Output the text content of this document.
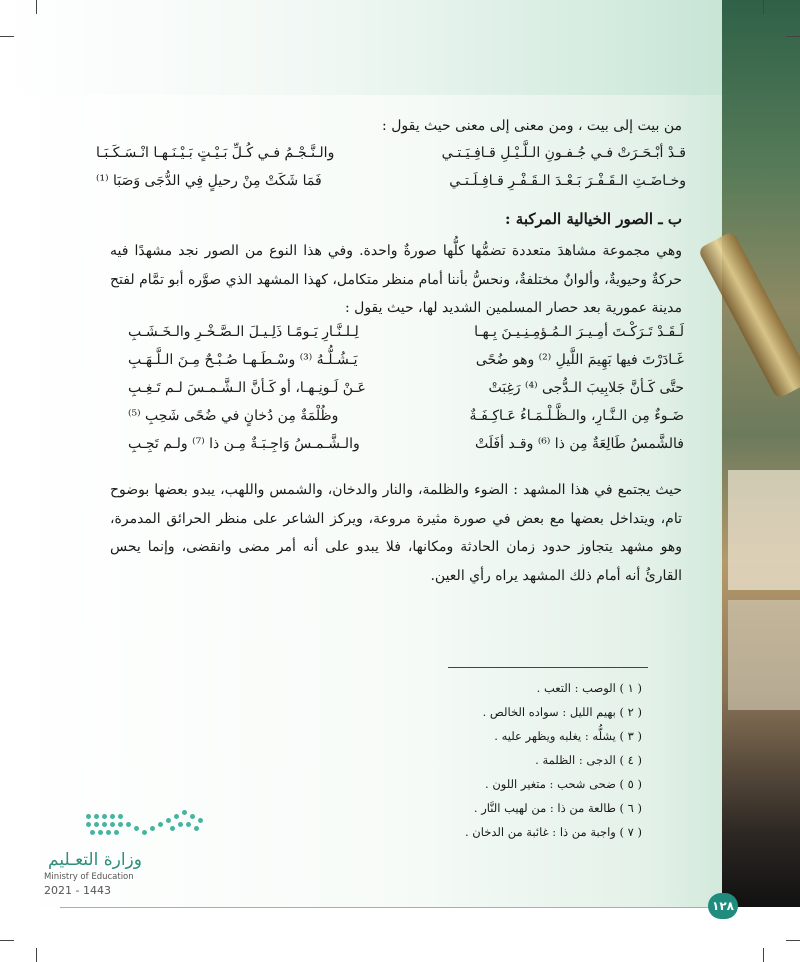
من بيت إلى بيت ، ومن معنى إلى معنى حيث يقول :
قـدْ أبْـحَـرَتْ فـي جُـفـونِ الـلَّـيْـلِ قـافِـيَـتـي
والـنَّـجْـمُ فـي كُـلِّ بَـيْـتٍ بَـيْـنَـهـا انْـسَـكَـبَـا
وخـاضَـتِ الـقَـفْـرَ بَـعْـدَ الـقَـفْـرِ قـافِـلَـتـي
فَمَا شَكَتْ مِنْ رحيلٍ فِي الدُّجَى وَصَبَا ⁽¹⁾
ب ـ الصور الخيالية المركبة :
وهي مجموعة مشاهدَ متعددة تضمُّها كلُّها صورةٌ واحدة. وفي هذا النوع من الصور نجد مشهدًا فيه حركةٌ وحيويةٌ، وألوانٌ مختلفةٌ، ونحسُّ بأننا أمام منظر متكامل، كهذا المشهد الذي صوَّره أبو تمَّام لفتح مدينة عمورية بعد حصار المسلمين الشديد لها، حيث يقول :
لَـقَـدْ تَـرَكْـتَ أمِـيـرَ الـمُـؤمِـنِـيـنَ بِـهـا
لِـلـنَّـارِ يَـومًـا ذَلِـيـلَ الـصَّـخْـرِ والـخَـشَـبِ
غَـادَرْتَ فيها بَهِيمَ اللَّيلِ ⁽²⁾ وهو ضُحًى
يَـشُـلُّـهُ ⁽³⁾ وسْـطَـهـا صُـبْـحٌ مِـنَ الـلَّـهَـبِ
حتَّى كَـأنَّ جَلابِيبَ الـدُّجى ⁽⁴⁾ رَغِبَتْ
عَـنْ لَـونِـهـا، أو كَـأنَّ الـشَّـمـسَ لـم تَـغِـبِ
ضَـوءٌ مِن الـنَّـارِ، والـظَّـلْـمَـاءُ عَـاكِـفَـةٌ
وظُلْمَةٌ مِن دُخانٍ في ضُحًى شَحِبِ ⁽⁵⁾
فالشَّمسُ طَالِعَةٌ مِن ذا ⁽⁶⁾ وقـد أفَلَتْ
والـشَّـمـسُ وَاجِـبَـةٌ مِـن ذا ⁽⁷⁾ ولـم تَجِـبِ
حيث يجتمع في هذا المشهد : الضوء والظلمة، والنار والدخان، والشمس واللهب، يبدو بعضها بوضوح تام، ويتداخل بعضها مع بعض في صورة مثيرة مروعة، ويركز الشاعر على منظر الحرائق المدمرة، وهو مشهد يتجاوز حدود زمان الحادثة ومكانها، فلا يبدو على أنه أمر مضى وانقضى، وإنما يحس القارئُ أنه أمام ذلك المشهد يراه رأي العين.
( ١ ) الوصب : التعب .
( ٢ ) بهيم الليل : سواده الخالص .
( ٣ ) يشلُّه : يغلبه ويظهر عليه .
( ٤ ) الدجى : الظلمة .
( ٥ ) ضحى شحب : متغير اللون .
( ٦ ) طالعة من ذا : من لهيب النَّار .
( ٧ ) واجبة من ذا : غائبة من الدخان .
وزارة التعـليم
Ministry of Education
2021 - 1443
١٢٨
